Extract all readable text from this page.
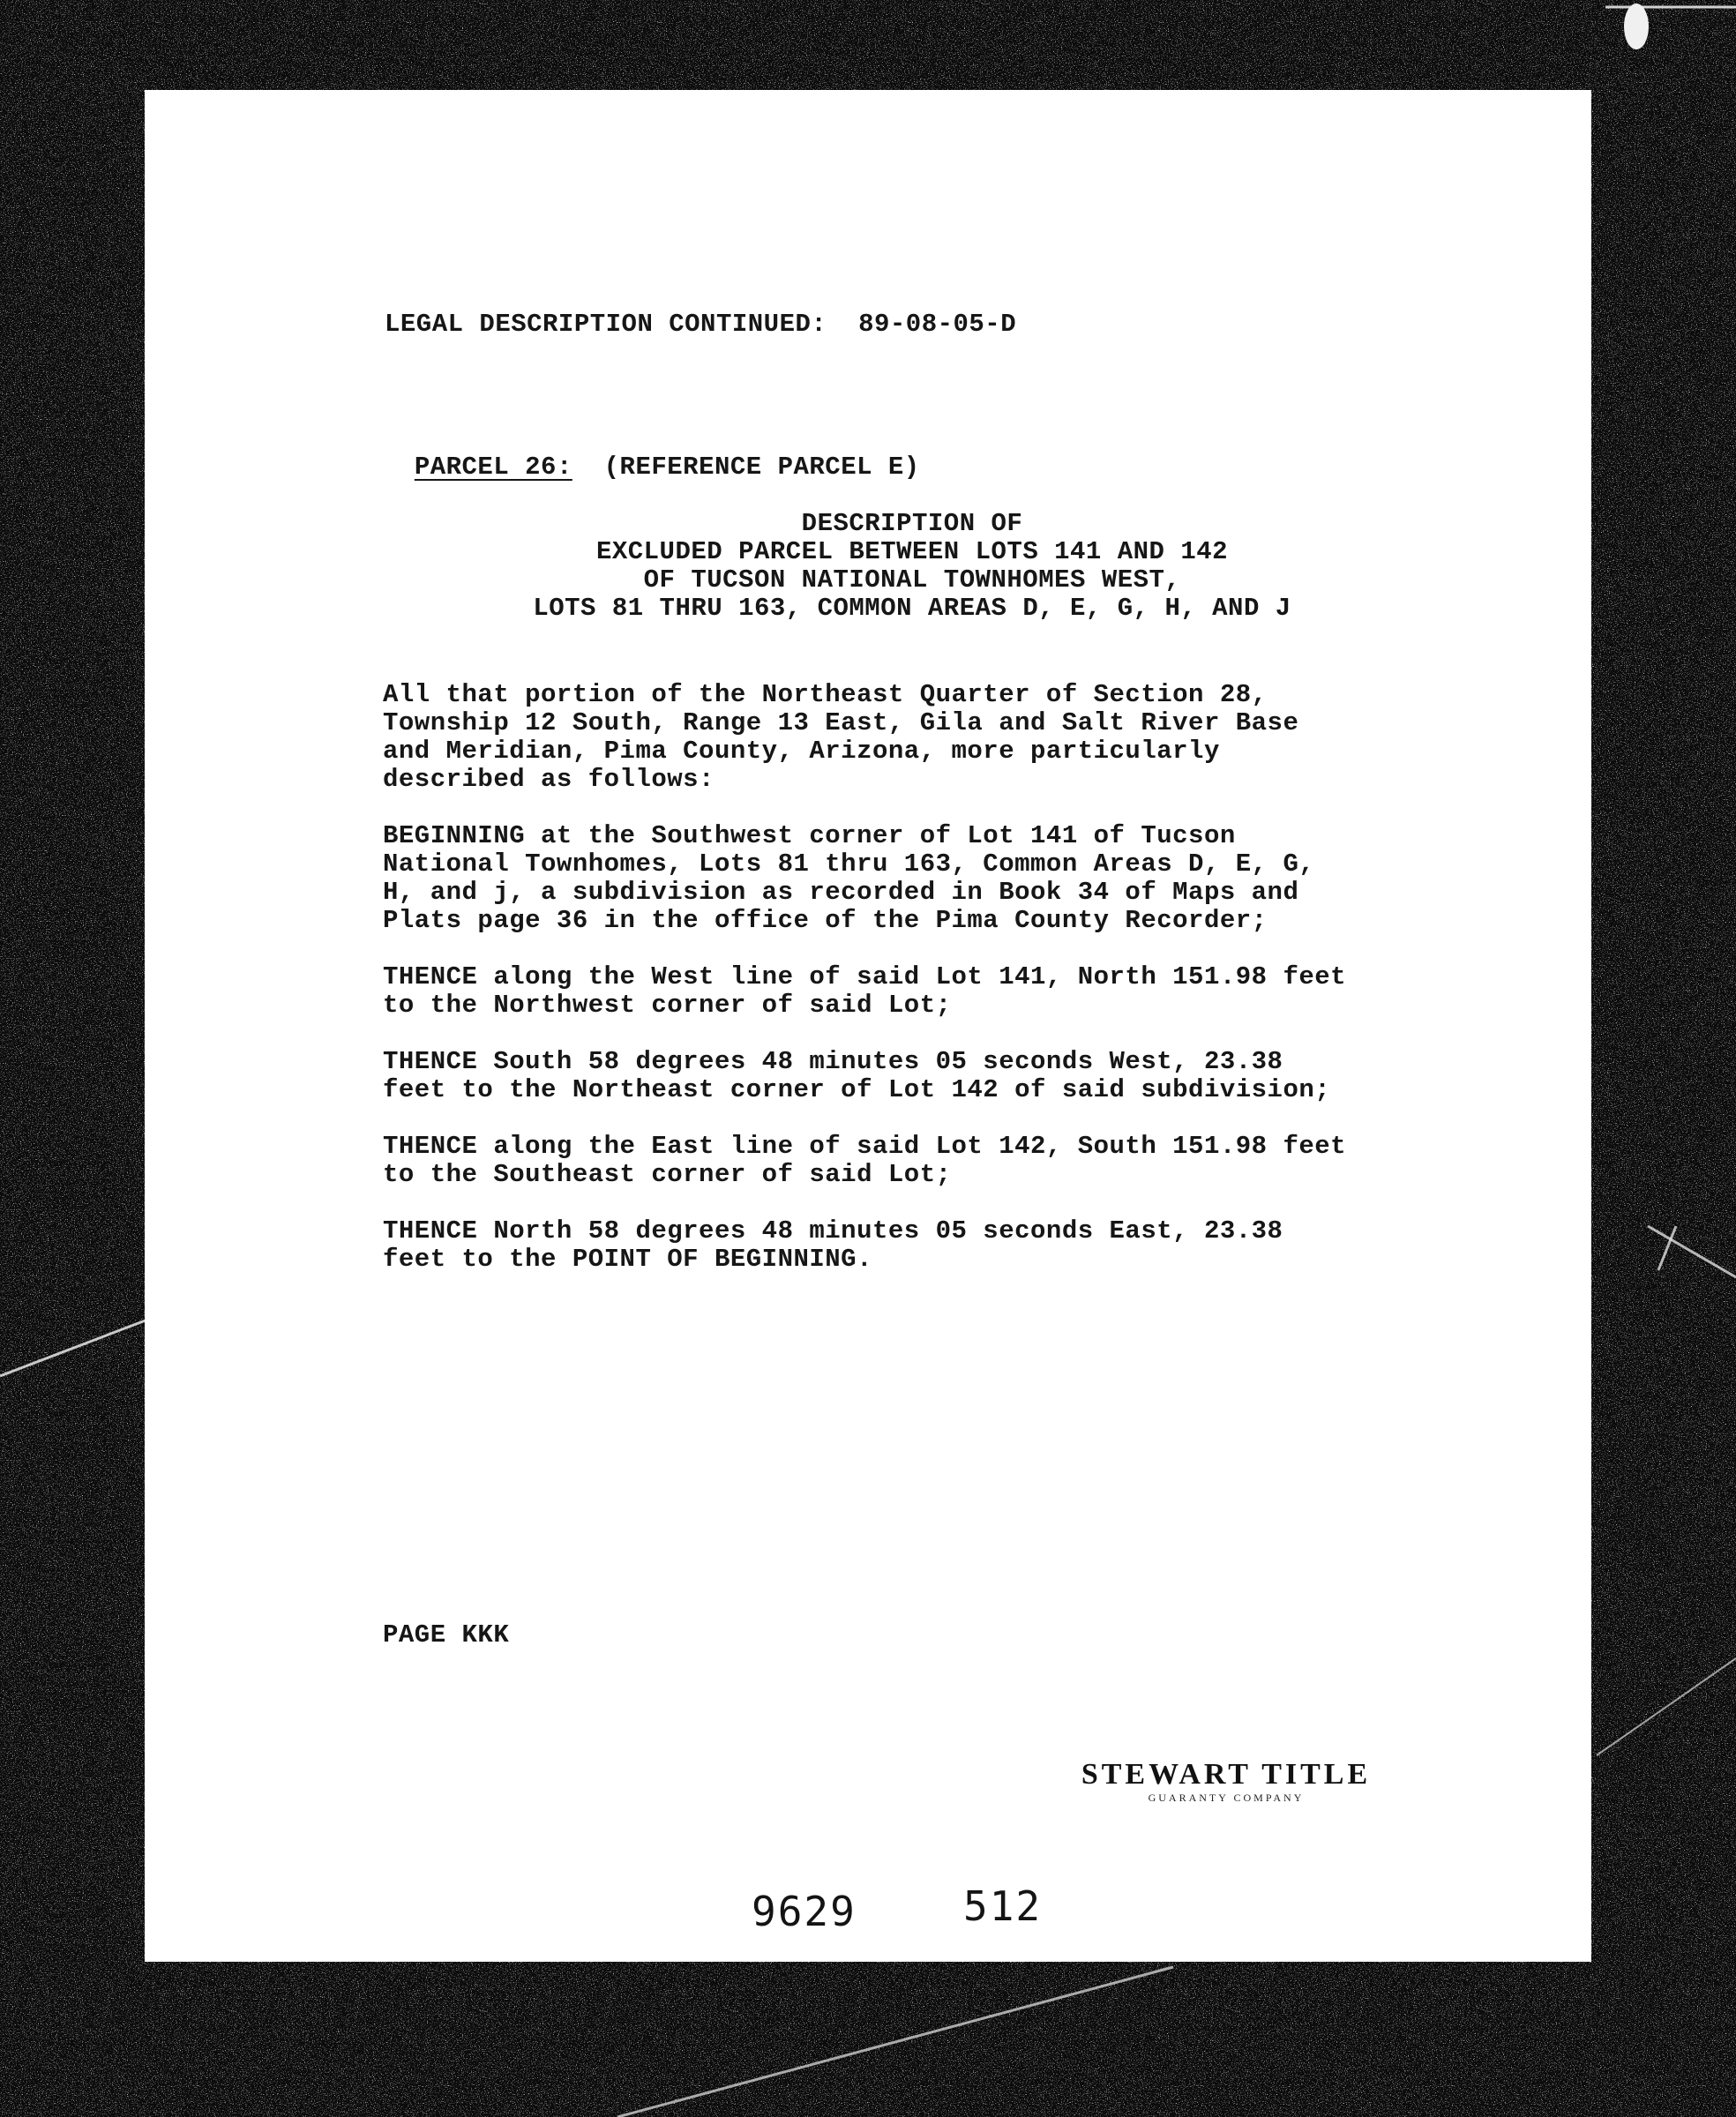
LEGAL DESCRIPTION CONTINUED:  89-08-05-D

PARCEL 26: (REFERENCE PARCEL E)

DESCRIPTION OF
EXCLUDED PARCEL BETWEEN LOTS 141 AND 142
OF TUCSON NATIONAL TOWNHOMES WEST,
LOTS 81 THRU 163, COMMON AREAS D, E, G, H, AND J
All that portion of the Northeast Quarter of Section 28,
Township 12 South, Range 13 East, Gila and Salt River Base
and Meridian, Pima County, Arizona, more particularly
described as follows:
BEGINNING at the Southwest corner of Lot 141 of Tucson
National Townhomes, Lots 81 thru 163, Common Areas D, E, G,
H, and j, a subdivision as recorded in Book 34 of Maps and
Plats page 36 in the office of the Pima County Recorder;
THENCE along the West line of said Lot 141, North 151.98 feet
to the Northwest corner of said Lot;
THENCE South 58 degrees 48 minutes 05 seconds West, 23.38
feet to the Northeast corner of Lot 142 of said subdivision;
THENCE along the East line of said Lot 142, South 151.98 feet
to the Southeast corner of said Lot;
THENCE North 58 degrees 48 minutes 05 seconds East, 23.38
feet to the POINT OF BEGINNING.

PAGE KKK

9629	512
STEWART TITLE
GUARANTY COMPANY
